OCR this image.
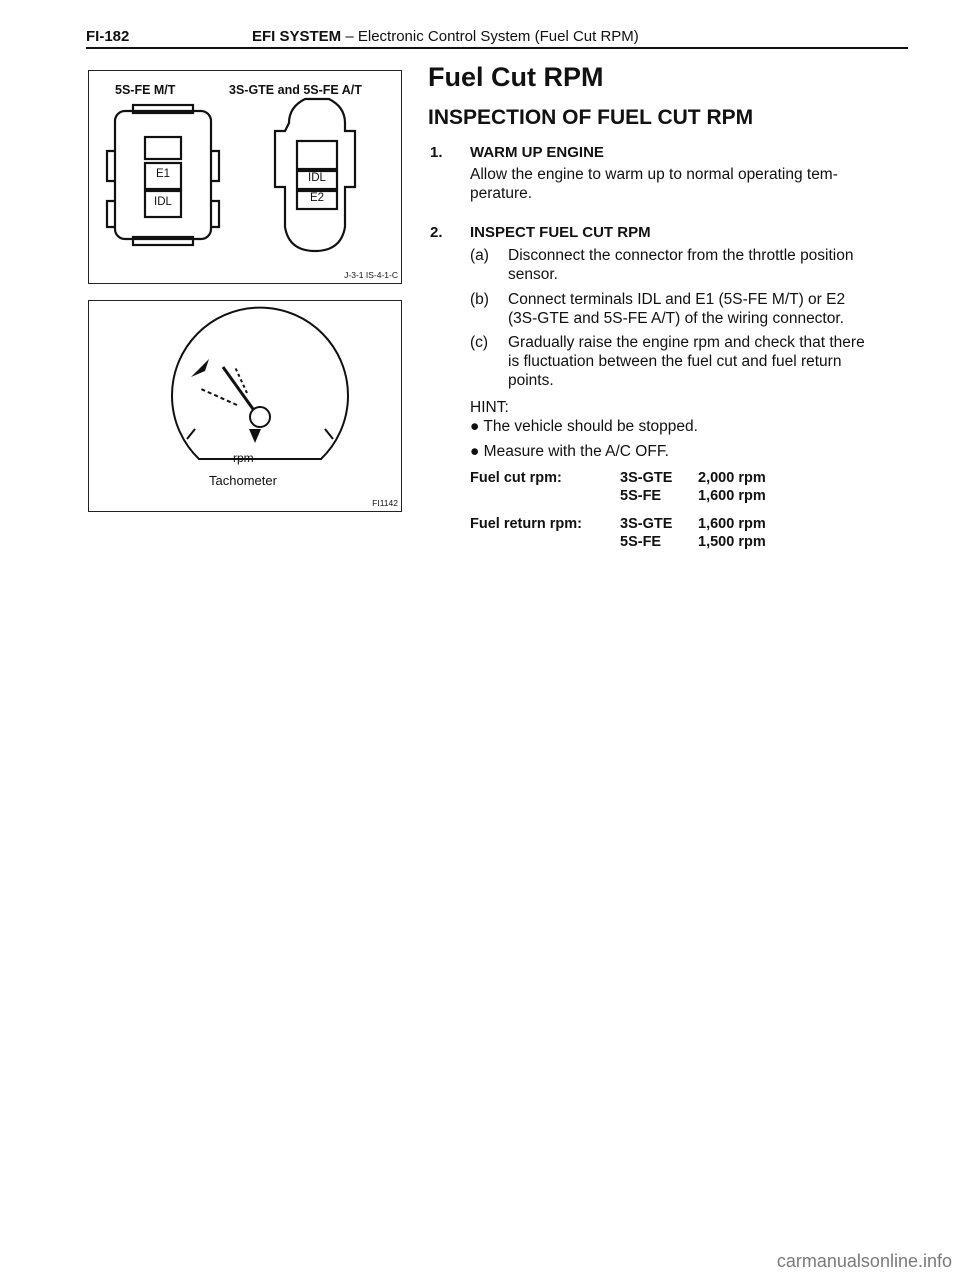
FI-182	EFI SYSTEM – Electronic Control System (Fuel Cut RPM)
5S-FE M/T	3S-GTE and 5S-FE A/T
E1
IDL
IDL
E2
J-3-1 IS-4-1-C
rpm
Tachometer
FI1142
Fuel Cut RPM
INSPECTION OF FUEL CUT RPM
1. WARM UP ENGINE
Allow the engine to warm up to normal operating tem-
perature.
2. INSPECT FUEL CUT RPM
(a) Disconnect the connector from the throttle position
sensor.
(b) Connect terminals IDL and E1 (5S-FE M/T) or E2
(3S-GTE and 5S-FE A/T) of the wiring connector.
(c) Gradually raise the engine rpm and check that there
is fluctuation between the fuel cut and fuel return
points.
HINT:
● The vehicle should be stopped.
● Measure with the A/C OFF.
Fuel cut rpm:	3S-GTE 2,000 rpm
5S-FE	1,600 rpm
Fuel return rpm:	3S-GTE 1,600 rpm
5S-FE	1,500 rpm
carmanualsonline.info
